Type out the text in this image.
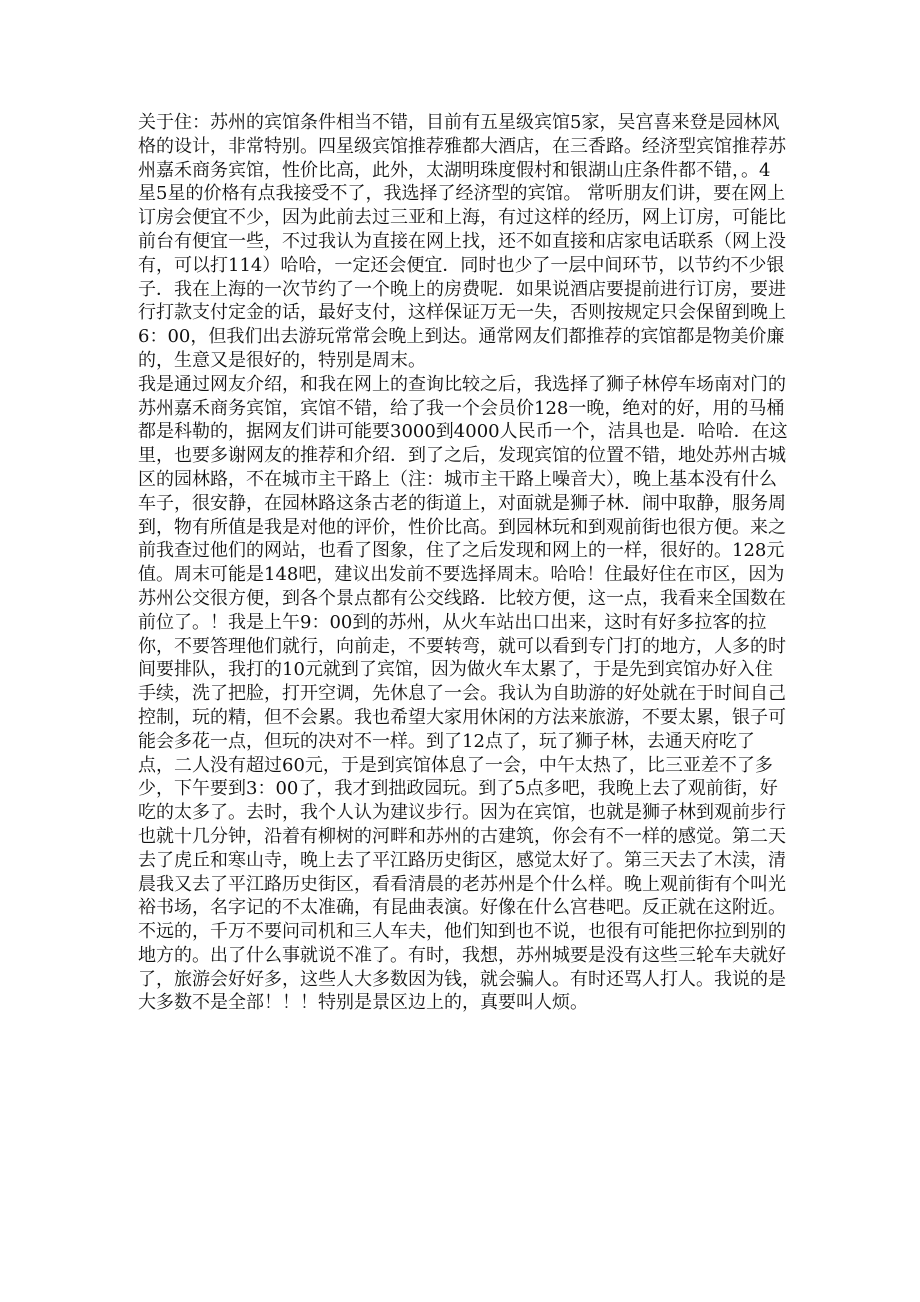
关于住：苏州的宾馆条件相当不错，目前有五星级宾馆5家，吴宫喜来登是园林风格的设计，非常特别。四星级宾馆推荐雅都大酒店，在三香路。经济型宾馆推荐苏州嘉禾商务宾馆，性价比高，此外，太湖明珠度假村和银湖山庄条件都不错，。4星5星的价格有点我接受不了，我选择了经济型的宾馆。 常听朋友们讲，要在网上订房会便宜不少，因为此前去过三亚和上海，有过这样的经历，网上订房，可能比前台有便宜一些，不过我认为直接在网上找，还不如直接和店家电话联系（网上没有，可以打114）哈哈，一定还会便宜．同时也少了一层中间环节，以节约不少银子．我在上海的一次节约了一个晚上的房费呢．如果说酒店要提前进行订房，要进行打款支付定金的话，最好支付，这样保证万无一失，否则按规定只会保留到晚上6：00，但我们出去游玩常常会晚上到达。通常网友们都推荐的宾馆都是物美价廉的，生意又是很好的，特别是周末。

我是通过网友介绍，和我在网上的查询比较之后，我选择了狮子林停车场南对门的苏州嘉禾商务宾馆，宾馆不错，给了我一个会员价128一晚，绝对的好，用的马桶都是科勒的，据网友们讲可能要3000到4000人民币一个，洁具也是．哈哈．在这里，也要多谢网友的推荐和介绍．到了之后，发现宾馆的位置不错，地处苏州古城区的园林路，不在城市主干路上（注：城市主干路上噪音大），晚上基本没有什么车子，很安静，在园林路这条古老的街道上，对面就是狮子林．闹中取静，服务周到，物有所值是我是对他的评价，性价比高。到园林玩和到观前街也很方便。来之前我查过他们的网站，也看了图象，住了之后发现和网上的一样，很好的。128元值。周末可能是148吧，建议出发前不要选择周末。哈哈！住最好住在市区，因为苏州公交很方便，到各个景点都有公交线路．比较方便，这一点，我看来全国数在前位了。！我是上午9：00到的苏州，从火车站出口出来，这时有好多拉客的拉你，不要答理他们就行，向前走，不要转弯，就可以看到专门打的地方，人多的时间要排队，我打的10元就到了宾馆，因为做火车太累了，于是先到宾馆办好入住手续，洗了把脸，打开空调，先休息了一会。我认为自助游的好处就在于时间自己控制，玩的精，但不会累。我也希望大家用休闲的方法来旅游，不要太累，银子可能会多花一点，但玩的决对不一样。到了12点了，玩了狮子林，去通天府吃了点，二人没有超过60元，于是到宾馆体息了一会，中午太热了，比三亚差不了多少，下午要到3：00了，我才到拙政园玩。到了5点多吧，我晚上去了观前街，好吃的太多了。去时，我个人认为建议步行。因为在宾馆，也就是狮子林到观前步行也就十几分钟，沿着有柳树的河畔和苏州的古建筑，你会有不一样的感觉。第二天去了虎丘和寒山寺，晚上去了平江路历史街区，感觉太好了。第三天去了木渎，清晨我又去了平江路历史街区，看看清晨的老苏州是个什么样。晚上观前街有个叫光裕书场，名字记的不太准确，有昆曲表演。好像在什么宫巷吧。反正就在这附近。不远的，千万不要问司机和三人车夫，他们知到也不说，也很有可能把你拉到别的地方的。出了什么事就说不准了。有时，我想，苏州城要是没有这些三轮车夫就好了，旅游会好好多，这些人大多数因为钱，就会骗人。有时还骂人打人。我说的是大多数不是全部！！！特别是景区边上的，真要叫人烦。
